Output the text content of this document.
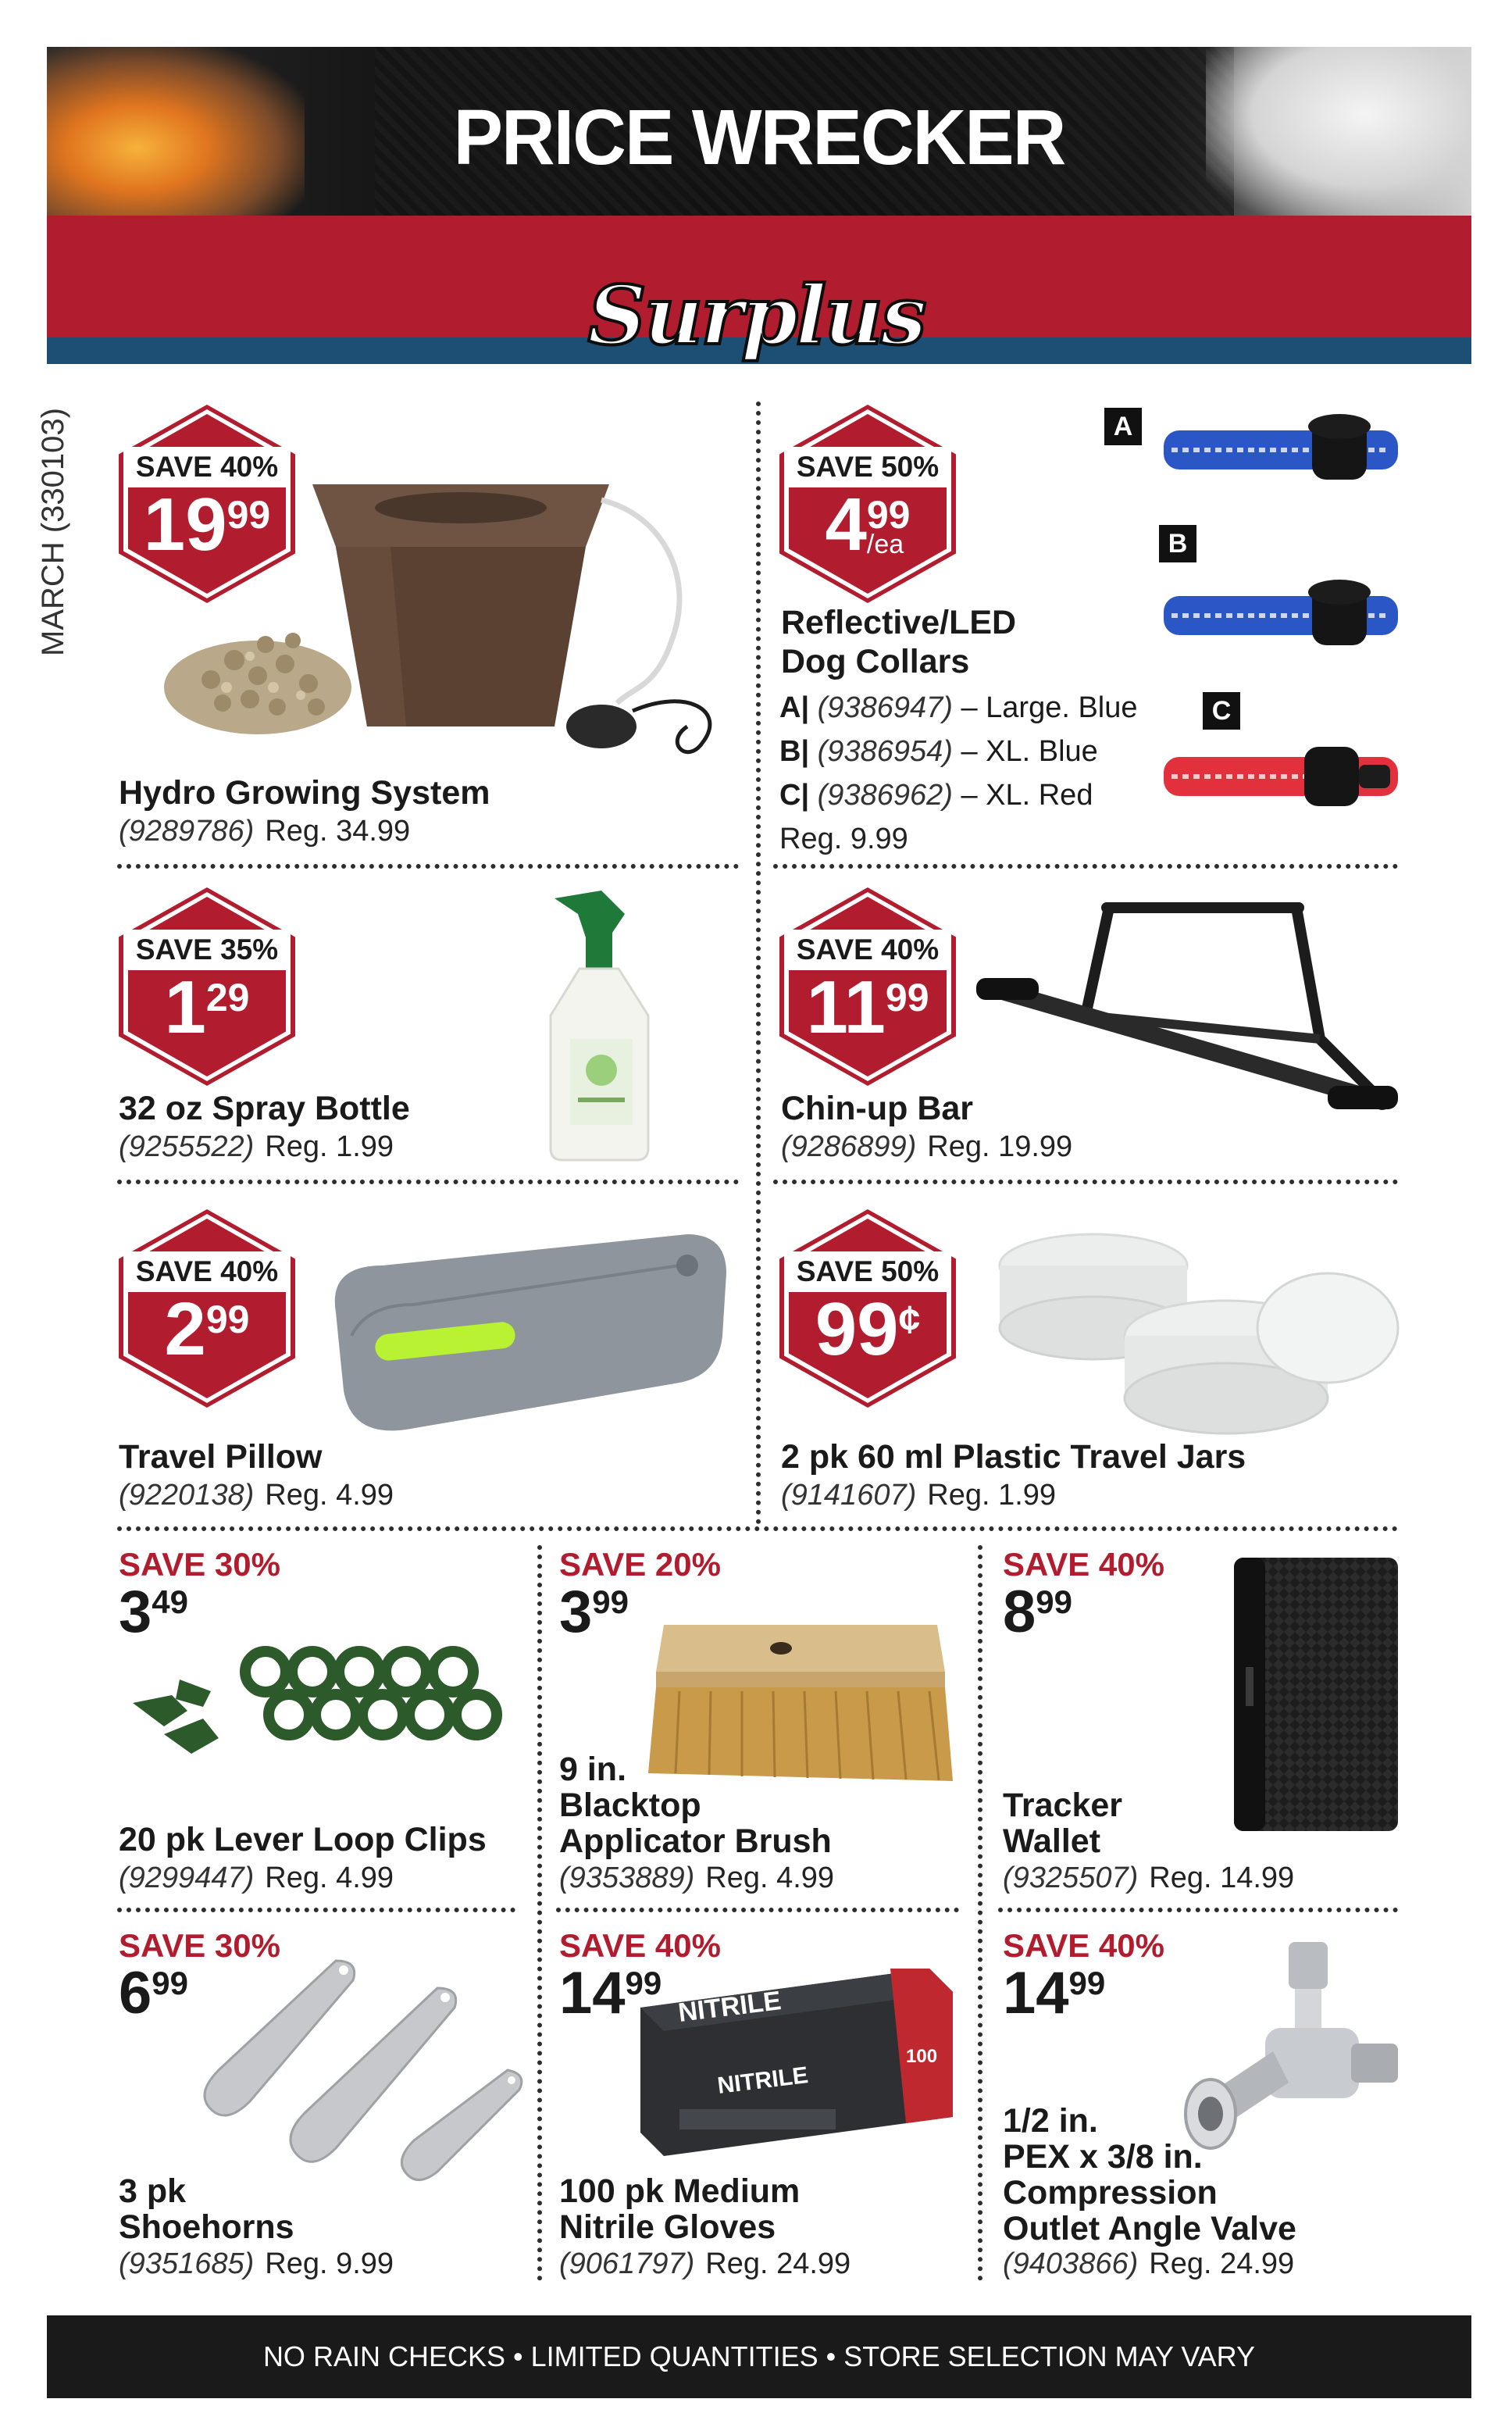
PRICE WRECKER
Surplus
MARCH (330103)	SAVE 40%
1999
Hydro Growing System
(9289786) Reg. 34.99
SAVE 50%
4 99
/ea
Reflective/LED
Dog Collars
A| (9386947) – Large. Blue
B| (9386954) – XL. Blue
C| (9386962) – XL. Red
Reg. 9.99
A
B
C
SAVE 35%
129
32 oz Spray Bottle
(9255522) Reg. 1.99
SAVE 40%
1199
Chin-up Bar
(9286899) Reg. 19.99
SAVE 40%
299
Travel Pillow
(9220138) Reg. 4.99
SAVE 50%
99¢
2 pk 60 ml Plastic Travel Jars
(9141607) Reg. 1.99
SAVE 30%
349
20 pk Lever Loop Clips
(9299447) Reg. 4.99
SAVE 20%
399
9 in.
Blacktop
Applicator Brush
(9353889) Reg. 4.99
SAVE 40%
899
Tracker
Wallet
(9325507) Reg. 14.99
SAVE 30%
699
3 pk
Shoehorns
(9351685) Reg. 9.99
SAVE 40%
1499
NITRILE
NITRILE
100
100 pk Medium
Nitrile Gloves
(9061797) Reg. 24.99
SAVE 40%
1499
1/2 in.
PEX x 3/8 in.
Compression
Outlet Angle Valve
(9403866) Reg. 24.99
NO RAIN CHECKS • LIMITED QUANTITIES • STORE SELECTION MAY VARY
